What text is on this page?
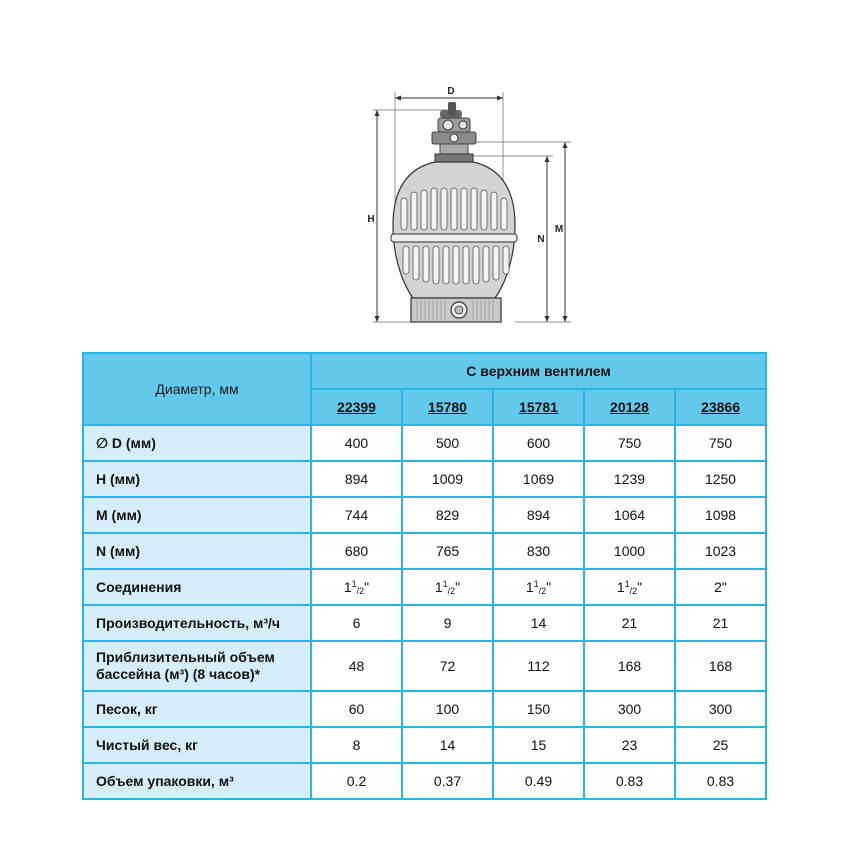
D
H
N
M
Диаметр, мм	С верхним вентилем				
	22399	15780	15781	20128	23866
∅ D (мм)	400	500	600	750	750
H (мм)	894	1009	1069	1239	1250
M (мм)	744	829	894	1064	1098
N (мм)	680	765	830	1000	1023
Соединения	$1^1_{/2}$"	$1^1_{/2}$"	$1^1_{/2}$"	$1^1_{/2}$"	2"
Производительность, м³/ч	6	9	14	21	21
Приблизительный объем бассейна (м³) (8 часов)*	48	72	112	168	168
Песок, кг	60	100	150	300	300
Чистый вес, кг	8	14	15	23	25
Объем упаковки, м³	0.2	0.37	0.49	0.83	0.83
